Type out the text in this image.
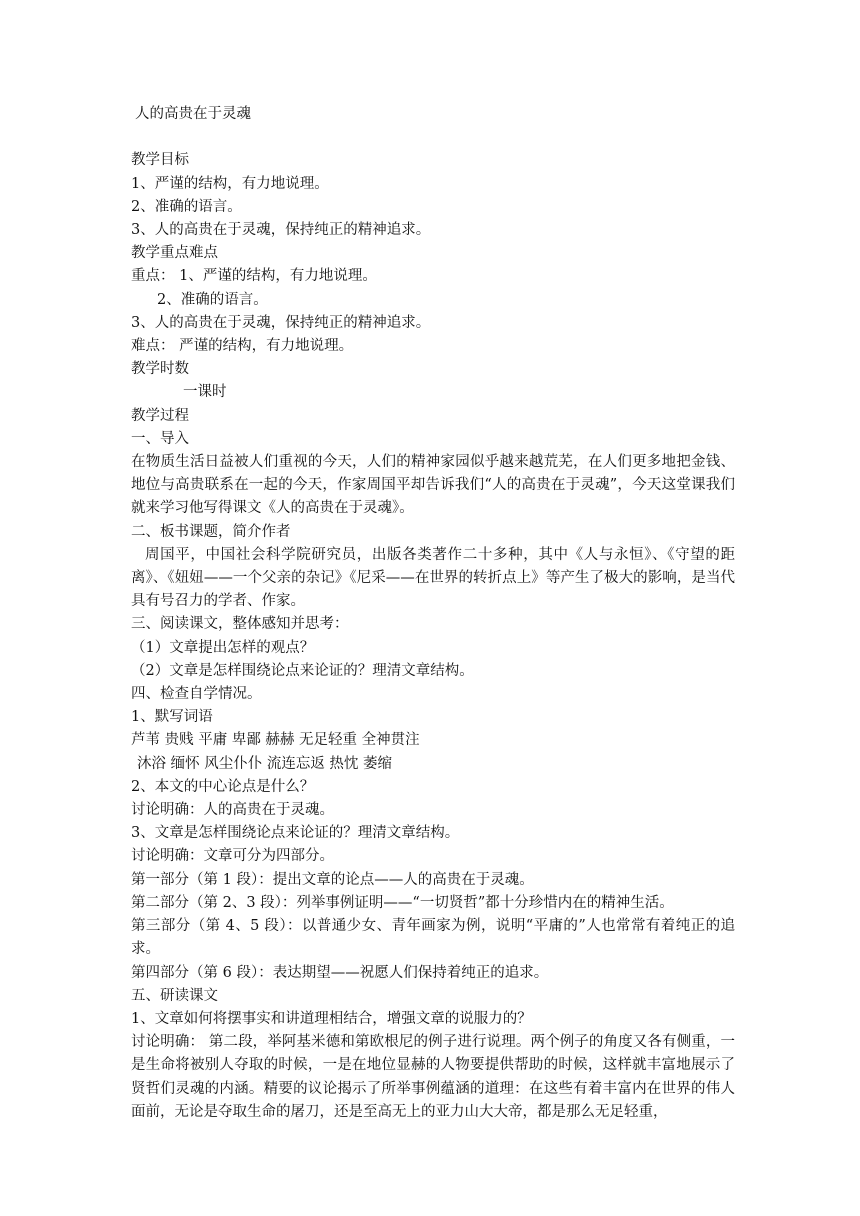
人的高贵在于灵魂

教学目标

1、严谨的结构，有力地说理。

2、准确的语言。

3、人的高贵在于灵魂，保持纯正的精神追求。

教学重点难点

重点： 1、严谨的结构，有力地说理。

2、准确的语言。

3、人的高贵在于灵魂，保持纯正的精神追求。

难点： 严谨的结构，有力地说理。

教学时数

一课时

教学过程

一、导入

在物质生活日益被人们重视的今天，人们的精神家园似乎越来越荒芜，在人们更多地把金钱、地位与高贵联系在一起的今天，作家周国平却告诉我们“人的高贵在于灵魂”，今天这堂课我们就来学习他写得课文《人的高贵在于灵魂》。

二、板书课题，简介作者

周国平，中国社会科学院研究员，出版各类著作二十多种，其中《人与永恒》、《守望的距离》、《妞妞——一个父亲的杂记》《尼采——在世界的转折点上》等产生了极大的影响，是当代具有号召力的学者、作家。

三、阅读课文，整体感知并思考：

（1）文章提出怎样的观点？

（2）文章是怎样围绕论点来论证的？理清文章结构。

四、检查自学情况。

1、默写词语

芦苇 贵贱 平庸 卑鄙 赫赫 无足轻重 全神贯注

沐浴 缅怀 风尘仆仆 流连忘返 热忱 萎缩

2、本文的中心论点是什么？

讨论明确：人的高贵在于灵魂。

3、文章是怎样围绕论点来论证的？理清文章结构。

讨论明确：文章可分为四部分。

第一部分（第 1 段）：提出文章的论点——人的高贵在于灵魂。

第二部分（第 2、3 段）：列举事例证明——“一切贤哲”都十分珍惜内在的精神生活。

第三部分（第 4、5 段）：以普通少女、青年画家为例，说明“平庸的”人也常常有着纯正的追求。

第四部分（第 6 段）：表达期望——祝愿人们保持着纯正的追求。

五、研读课文

1、文章如何将摆事实和讲道理相结合，增强文章的说服力的？

讨论明确： 第二段，举阿基米德和第欧根尼的例子进行说理。两个例子的角度又各有侧重，一是生命将被别人夺取的时候，一是在地位显赫的人物要提供帮助的时候，这样就丰富地展示了贤哲们灵魂的内涵。精要的议论揭示了所举事例蕴涵的道理：在这些有着丰富内在世界的伟人面前，无论是夺取生命的屠刀，还是至高无上的亚力山大大帝，都是那么无足轻重，
